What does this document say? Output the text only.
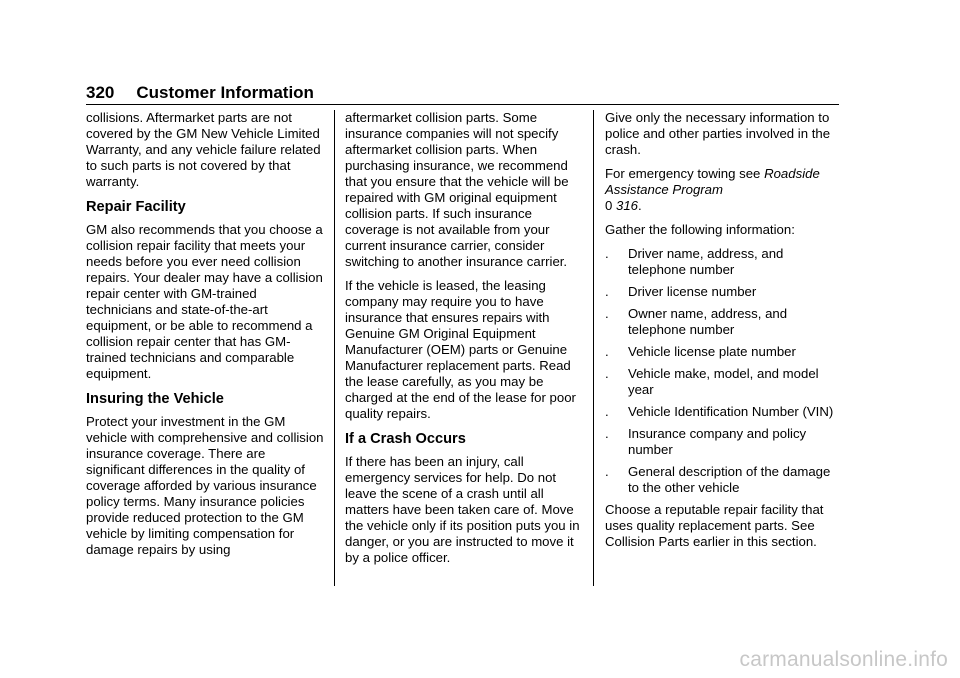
320 Customer Information

collisions. Aftermarket parts are not covered by the GM New Vehicle Limited Warranty, and any vehicle failure related to such parts is not covered by that warranty.

Repair Facility

GM also recommends that you choose a collision repair facility that meets your needs before you ever need collision repairs. Your dealer may have a collision repair center with GM-trained technicians and state-of-the-art equipment, or be able to recommend a collision repair center that has GM-trained technicians and comparable equipment.

Insuring the Vehicle

Protect your investment in the GM vehicle with comprehensive and collision insurance coverage. There are significant differences in the quality of coverage afforded by various insurance policy terms. Many insurance policies provide reduced protection to the GM vehicle by limiting compensation for damage repairs by using

aftermarket collision parts. Some insurance companies will not specify aftermarket collision parts. When purchasing insurance, we recommend that you ensure that the vehicle will be repaired with GM original equipment collision parts. If such insurance coverage is not available from your current insurance carrier, consider switching to another insurance carrier.

If the vehicle is leased, the leasing company may require you to have insurance that ensures repairs with Genuine GM Original Equipment Manufacturer (OEM) parts or Genuine Manufacturer replacement parts. Read the lease carefully, as you may be charged at the end of the lease for poor quality repairs.

If a Crash Occurs

If there has been an injury, call emergency services for help. Do not leave the scene of a crash until all matters have been taken care of. Move the vehicle only if its position puts you in danger, or you are instructed to move it by a police officer.

Give only the necessary information to police and other parties involved in the crash.

For emergency towing see Roadside Assistance Program
0 316.

Gather the following information:

. Driver name, address, and telephone number
. Driver license number
. Owner name, address, and telephone number
. Vehicle license plate number
. Vehicle make, model, and model year
. Vehicle Identification Number (VIN)
. Insurance company and policy number
. General description of the damage to the other vehicle

Choose a reputable repair facility that uses quality replacement parts. See Collision Parts earlier in this section.

carmanualsonline.info
